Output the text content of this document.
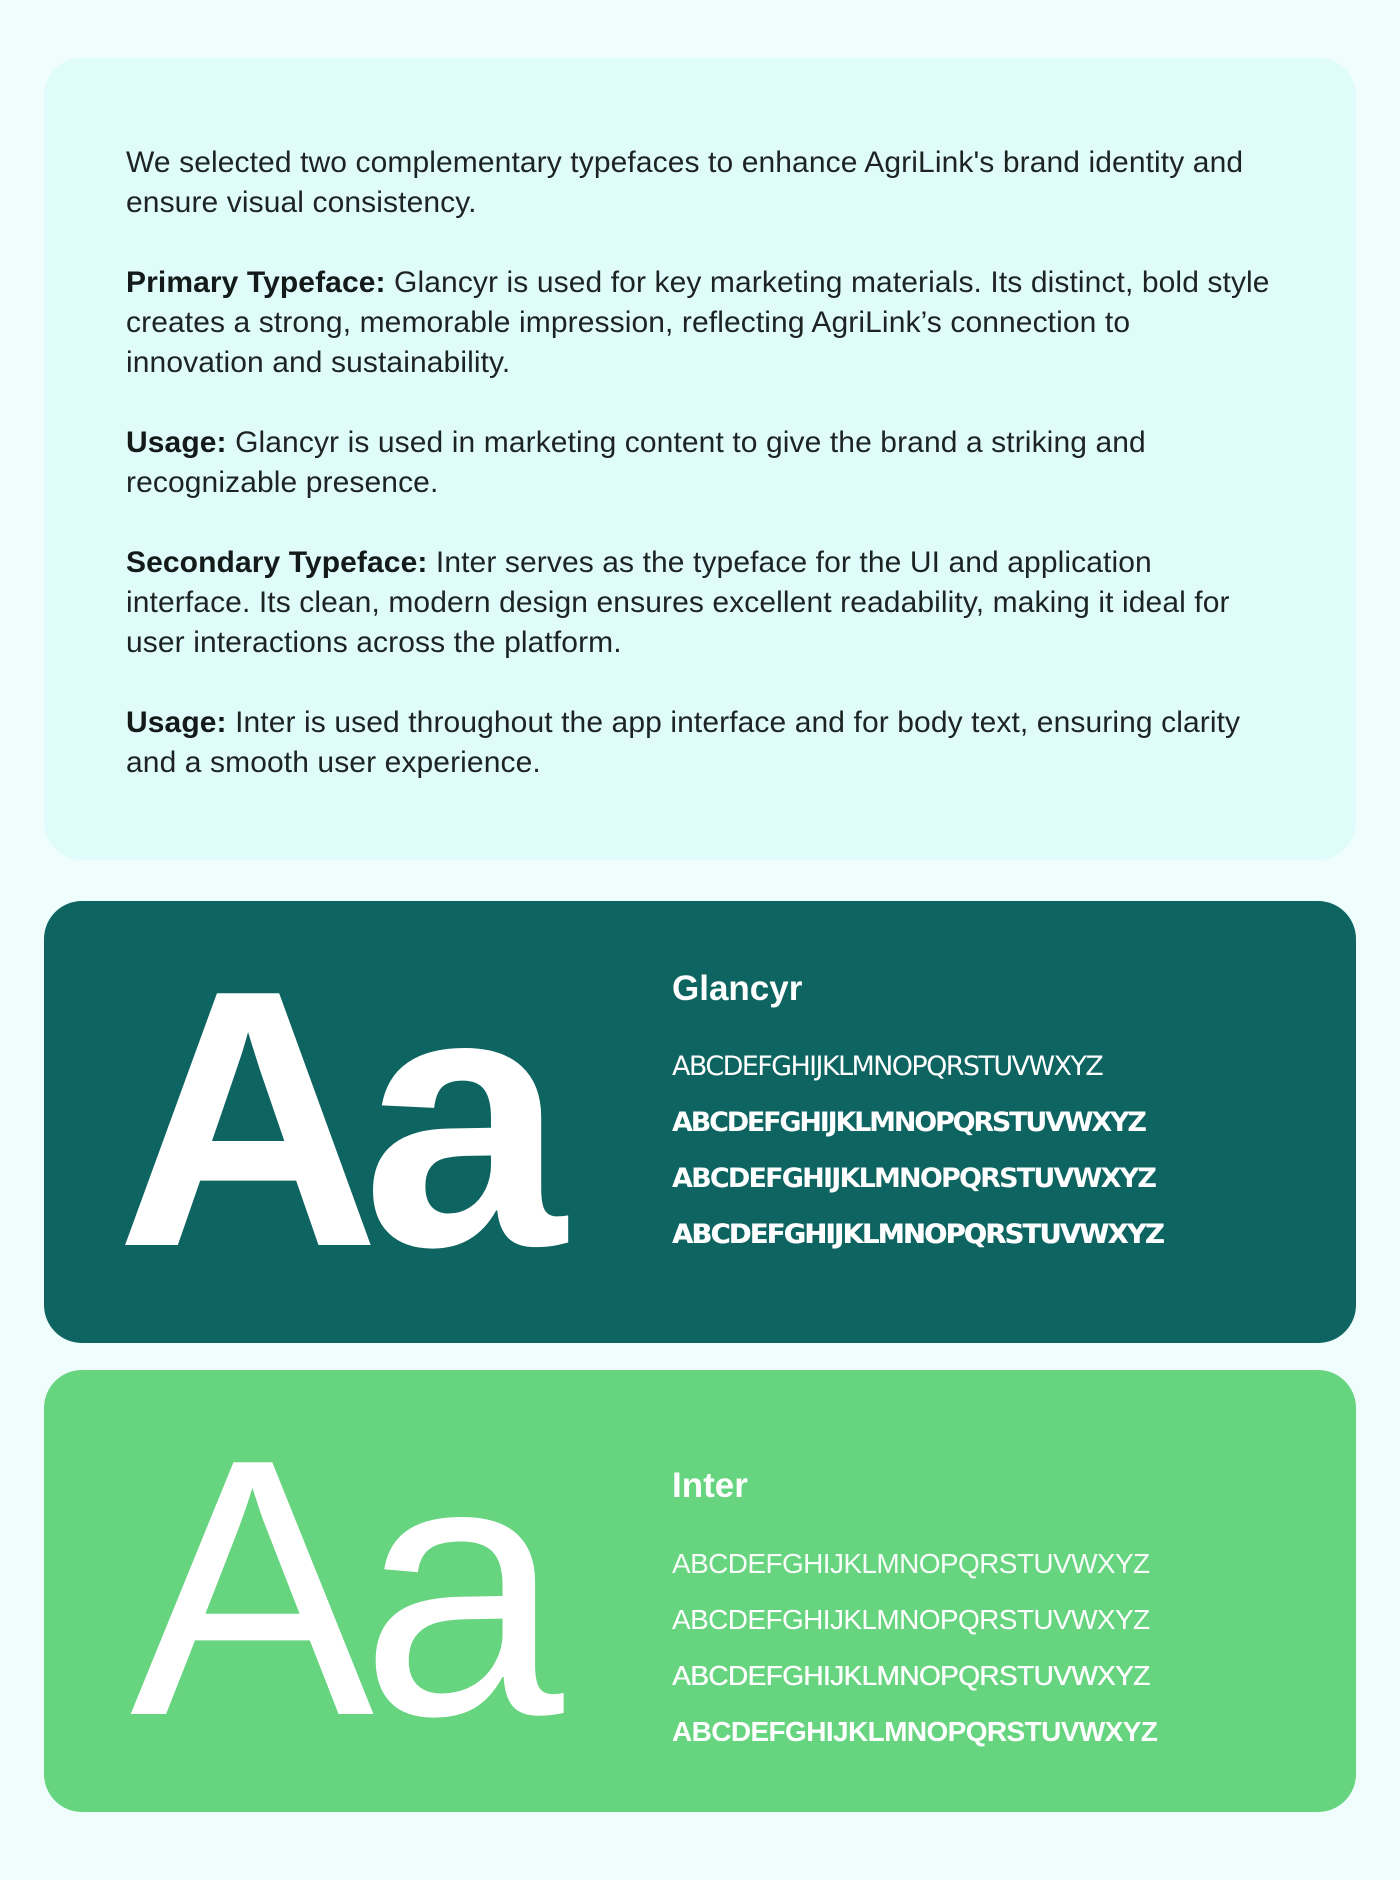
We selected two complementary typefaces to enhance AgriLink's brand identity and ensure visual consistency.

Primary Typeface: Glancyr is used for key marketing materials. Its distinct, bold style creates a strong, memorable impression, reflecting AgriLink’s connection to innovation and sustainability.

Usage: Glancyr is used in marketing content to give the brand a striking and recognizable presence.

Secondary Typeface: Inter serves as the typeface for the UI and application interface. Its clean, modern design ensures excellent readability, making it ideal for user interactions across the platform.

Usage: Inter is used throughout the app interface and for body text, ensuring clarity and a smooth user experience.

Aa	Glancyr
ABCDEFGHIJKLMNOPQRSTUVWXYZ
ABCDEFGHIJKLMNOPQRSTUVWXYZ
ABCDEFGHIJKLMNOPQRSTUVWXYZ
ABCDEFGHIJKLMNOPQRSTUVWXYZ
Aa	Inter
ABCDEFGHIJKLMNOPQRSTUVWXYZ
ABCDEFGHIJKLMNOPQRSTUVWXYZ
ABCDEFGHIJKLMNOPQRSTUVWXYZ
ABCDEFGHIJKLMNOPQRSTUVWXYZ
